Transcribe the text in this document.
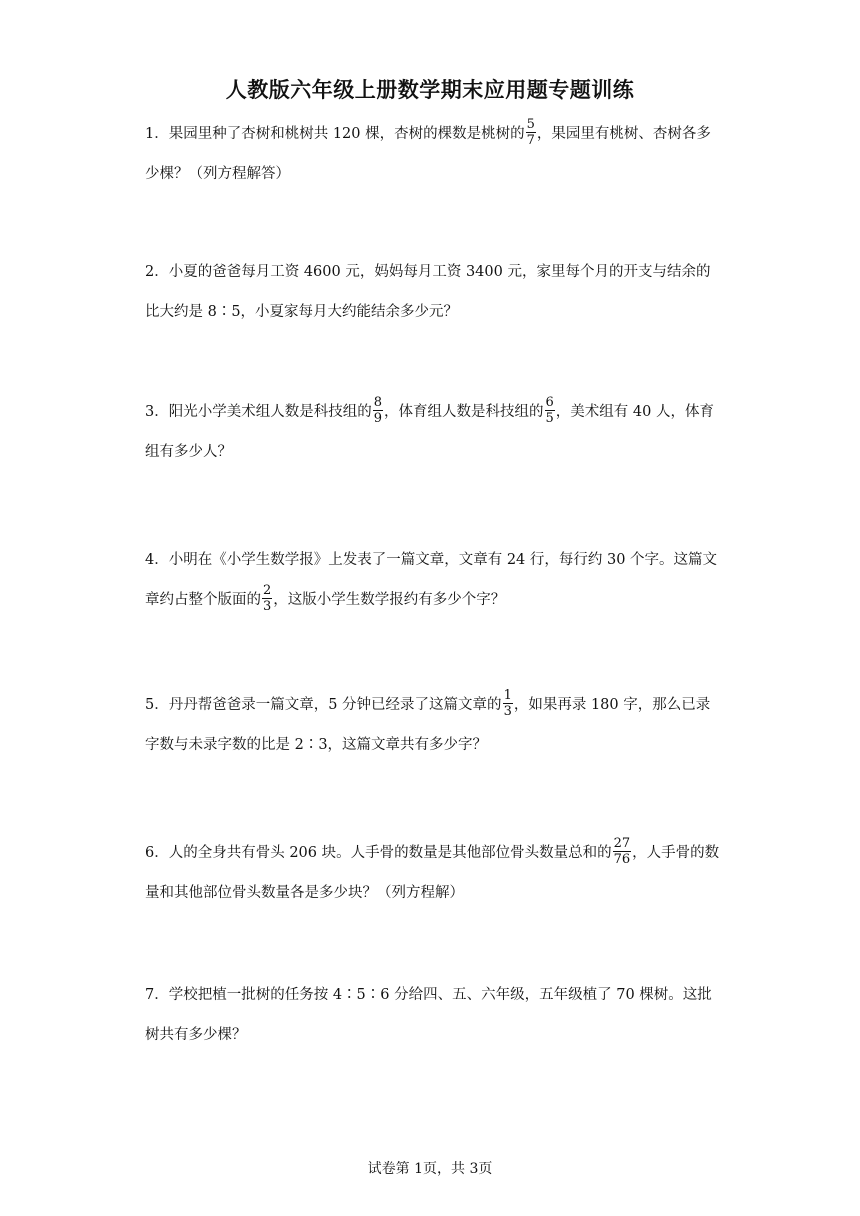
人教版六年级上册数学期末应用题专题训练
1．果园里种了杏树和桃树共 120 棵，杏树的棵数是桃树的 $\frac{5}{7}$ ，果园里有桃树、杏树各多少棵？（列方程解答）
2．小夏的爸爸每月工资 4600 元，妈妈每月工资 3400 元，家里每个月的开支与结余的比大约是 8∶5，小夏家每月大约能结余多少元？
3．阳光小学美术组人数是科技组的 $\frac{8}{9}$ ，体育组人数是科技组的 $\frac{6}{5}$ ，美术组有 40 人，体育组有多少人？
4．小明在《小学生数学报》上发表了一篇文章，文章有 24 行，每行约 30 个字。这篇文章约占整个版面的 $\frac{2}{3}$ ，这版小学生数学报约有多少个字？
5．丹丹帮爸爸录一篇文章，5 分钟已经录了这篇文章的 $\frac{1}{3}$ ，如果再录 180 字，那么已录字数与未录字数的比是 2∶3，这篇文章共有多少字？
6．人的全身共有骨头 206 块。人手骨的数量是其他部位骨头数量总和的 $\frac{27}{76}$ ，人手骨的数量和其他部位骨头数量各是多少块？（列方程解）
7．学校把植一批树的任务按 4∶5∶6 分给四、五、六年级，五年级植了 70 棵树。这批树共有多少棵？
试卷第 1页，共 3页
